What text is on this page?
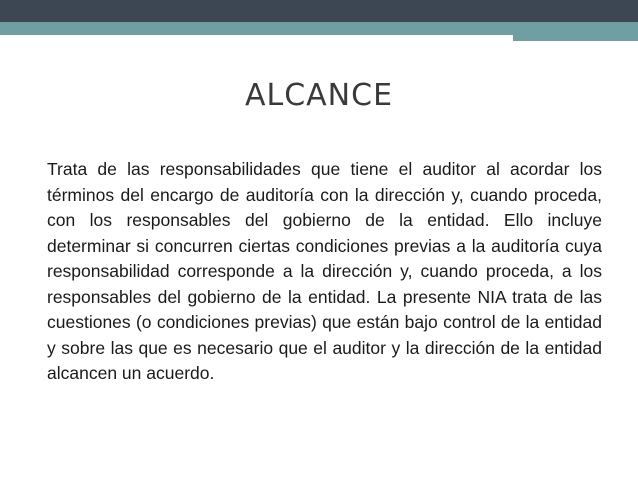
ALCANCE

Trata de las responsabilidades que tiene el auditor al acordar los términos del encargo de auditoría con la dirección y, cuando proceda, con los responsables del gobierno de la entidad. Ello incluye determinar si concurren ciertas condiciones previas a la auditoría cuya responsabilidad corresponde a la dirección y, cuando proceda, a los responsables del gobierno de la entidad. La presente NIA trata de las cuestiones (o condiciones previas) que están bajo control de la entidad y sobre las que es necesario que el auditor y la dirección de la entidad alcancen un acuerdo.
